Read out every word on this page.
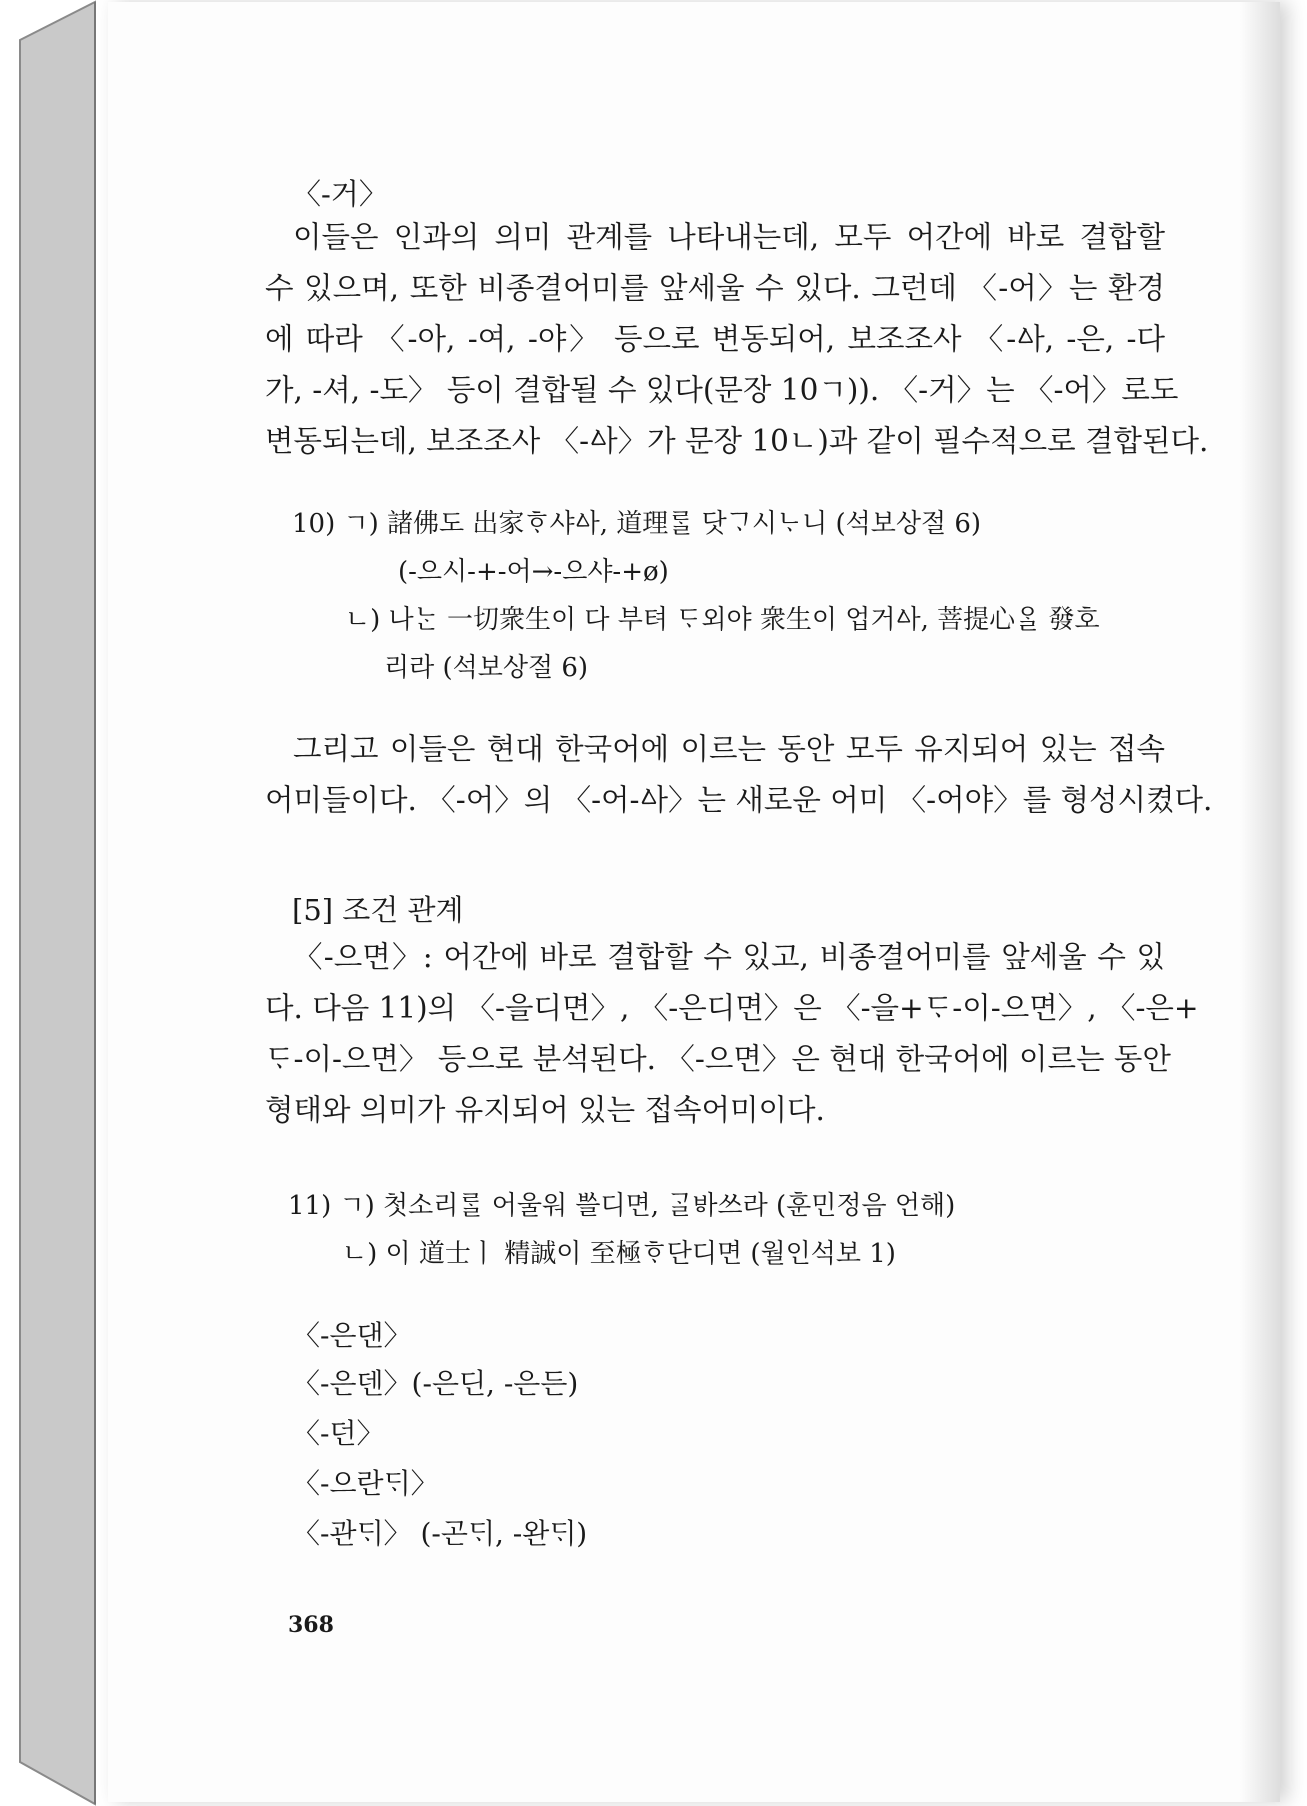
〈-거〉
이들은 인과의 의미 관계를 나타내는데, 모두 어간에 바로 결합할
수 있으며, 또한 비종결어미를 앞세울 수 있다. 그런데 〈-어〉는 환경
에 따라 〈-아, -여, -야〉 등으로 변동되어, 보조조사 〈-ᅀᅡ, -은, -다
가, -셔, -도〉 등이 결합될 수 있다(문장 10ㄱ)). 〈-거〉는 〈-어〉로도
변동되는데, 보조조사 〈-ᅀᅡ〉가 문장 10ㄴ)과 같이 필수적으로 결합된다.
10) ㄱ) 諸佛도 出家ᄒᆞ샤ᅀᅡ, 道理ᄅᆞᆯ 닷ᄀᆞ시ᄂᆞ니 (석보상절 6)
(-으시-+-어→-으샤-+ø)
ㄴ) 나ᄂᆞᆫ 一切衆生이 다 부텨 ᄃᆞ외야 衆生이 업거ᅀᅡ, 菩提心ᄋᆞᆯ 發호
리라 (석보상절 6)
그리고 이들은 현대 한국어에 이르는 동안 모두 유지되어 있는 접속
어미들이다. 〈-어〉의 〈-어-ᅀᅡ〉는 새로운 어미 〈-어야〉를 형성시켰다.
[5] 조건 관계
〈-으면〉: 어간에 바로 결합할 수 있고, 비종결어미를 앞세울 수 있
다. 다음 11)의 〈-을디면〉, 〈-은디면〉은 〈-을+ᄃᆞ-이-으면〉, 〈-은+
ᄃᆞ-이-으면〉 등으로 분석된다. 〈-으면〉은 현대 한국어에 이르는 동안
형태와 의미가 유지되어 있는 접속어미이다.
11) ㄱ) 첫소리ᄅᆞᆯ 어울워 ᄡᅳᆯ디면, ᄀᆞᆯᄫᅡ쓰라 (훈민정음 언해)
ㄴ) 이 道士ㅣ 精誠이 至極ᄒᆞ단디면 (월인석보 1)
〈-은댄〉
〈-은덴〉(-은딘, -은든)
〈-던〉
〈-으란ᄃᆡ〉
〈-관ᄃᆡ〉 (-곤ᄃᆡ, -완ᄃᆡ)
368
